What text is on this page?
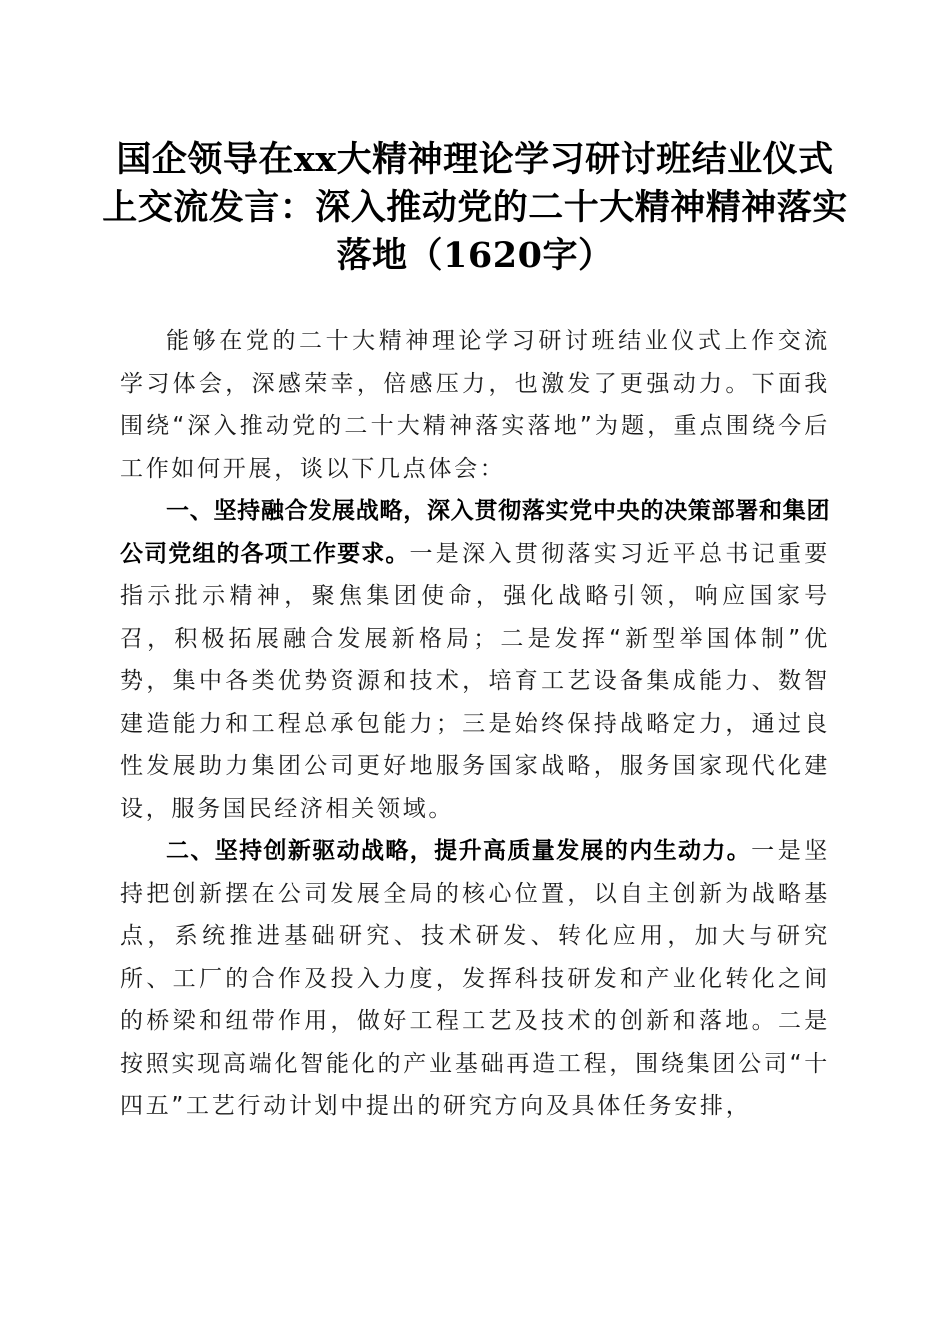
国企领导在xx大精神理论学习研讨班结业仪式上交流发言：深入推动党的二十大精神精神落实落地（1620字）

能够在党的二十大精神理论学习研讨班结业仪式上作交流学习体会，深感荣幸，倍感压力，也激发了更强动力。下面我围绕“深入推动党的二十大精神落实落地”为题，重点围绕今后工作如何开展，谈以下几点体会：

一、坚持融合发展战略，深入贯彻落实党中央的决策部署和集团公司党组的各项工作要求。一是深入贯彻落实习近平总书记重要指示批示精神，聚焦集团使命，强化战略引领，响应国家号召，积极拓展融合发展新格局；二是发挥“新型举国体制”优势，集中各类优势资源和技术，培育工艺设备集成能力、数智建造能力和工程总承包能力；三是始终保持战略定力，通过良性发展助力集团公司更好地服务国家战略，服务国家现代化建设，服务国民经济相关领域。

二、坚持创新驱动战略，提升高质量发展的内生动力。一是坚持把创新摆在公司发展全局的核心位置，以自主创新为战略基点，系统推进基础研究、技术研发、转化应用，加大与研究所、工厂的合作及投入力度，发挥科技研发和产业化转化之间的桥梁和纽带作用，做好工程工艺及技术的创新和落地。二是按照实现高端化智能化的产业基础再造工程，围绕集团公司“十四五”工艺行动计划中提出的研究方向及具体任务安排，
